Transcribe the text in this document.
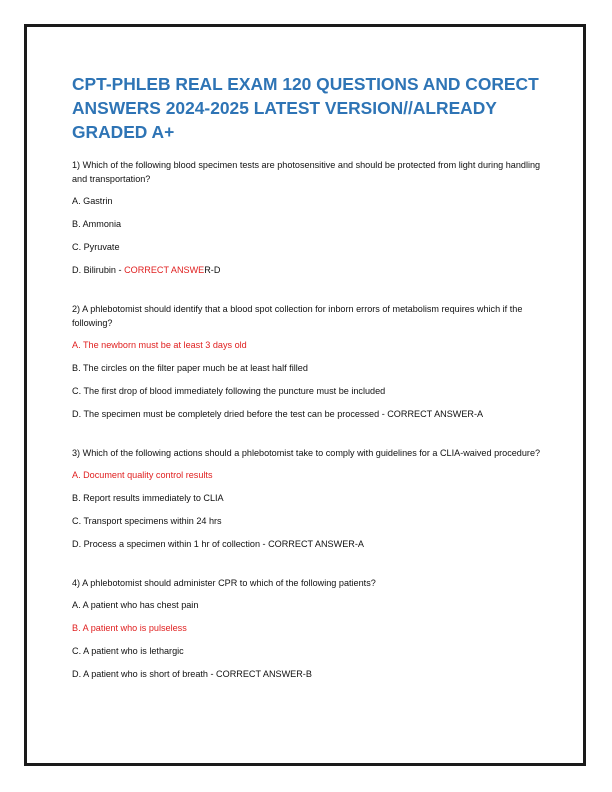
CPT-PHLEB REAL EXAM 120 QUESTIONS AND CORECT ANSWERS 2024-2025 LATEST VERSION//ALREADY GRADED A+

1) Which of the following blood specimen tests are photosensitive and should be protected from light during handling and transportation?

A. Gastrin

B. Ammonia

C. Pyruvate

D. Bilirubin - CORRECT ANSWER-D

2) A phlebotomist should identify that a blood spot collection for inborn errors of metabolism requires which if the following?

A. The newborn must be at least 3 days old

B. The circles on the filter paper much be at least half filled

C. The first drop of blood immediately following the puncture must be included

D. The specimen must be completely dried before the test can be processed - CORRECT ANSWER-A

3) Which of the following actions should a phlebotomist take to comply with guidelines for a CLIA-waived procedure?

A. Document quality control results

B. Report results immediately to CLIA

C. Transport specimens within 24 hrs

D. Process a specimen within 1 hr of collection - CORRECT ANSWER-A

4) A phlebotomist should administer CPR to which of the following patients?

A. A patient who has chest pain

B. A patient who is pulseless

C. A patient who is lethargic

D. A patient who is short of breath - CORRECT ANSWER-B
